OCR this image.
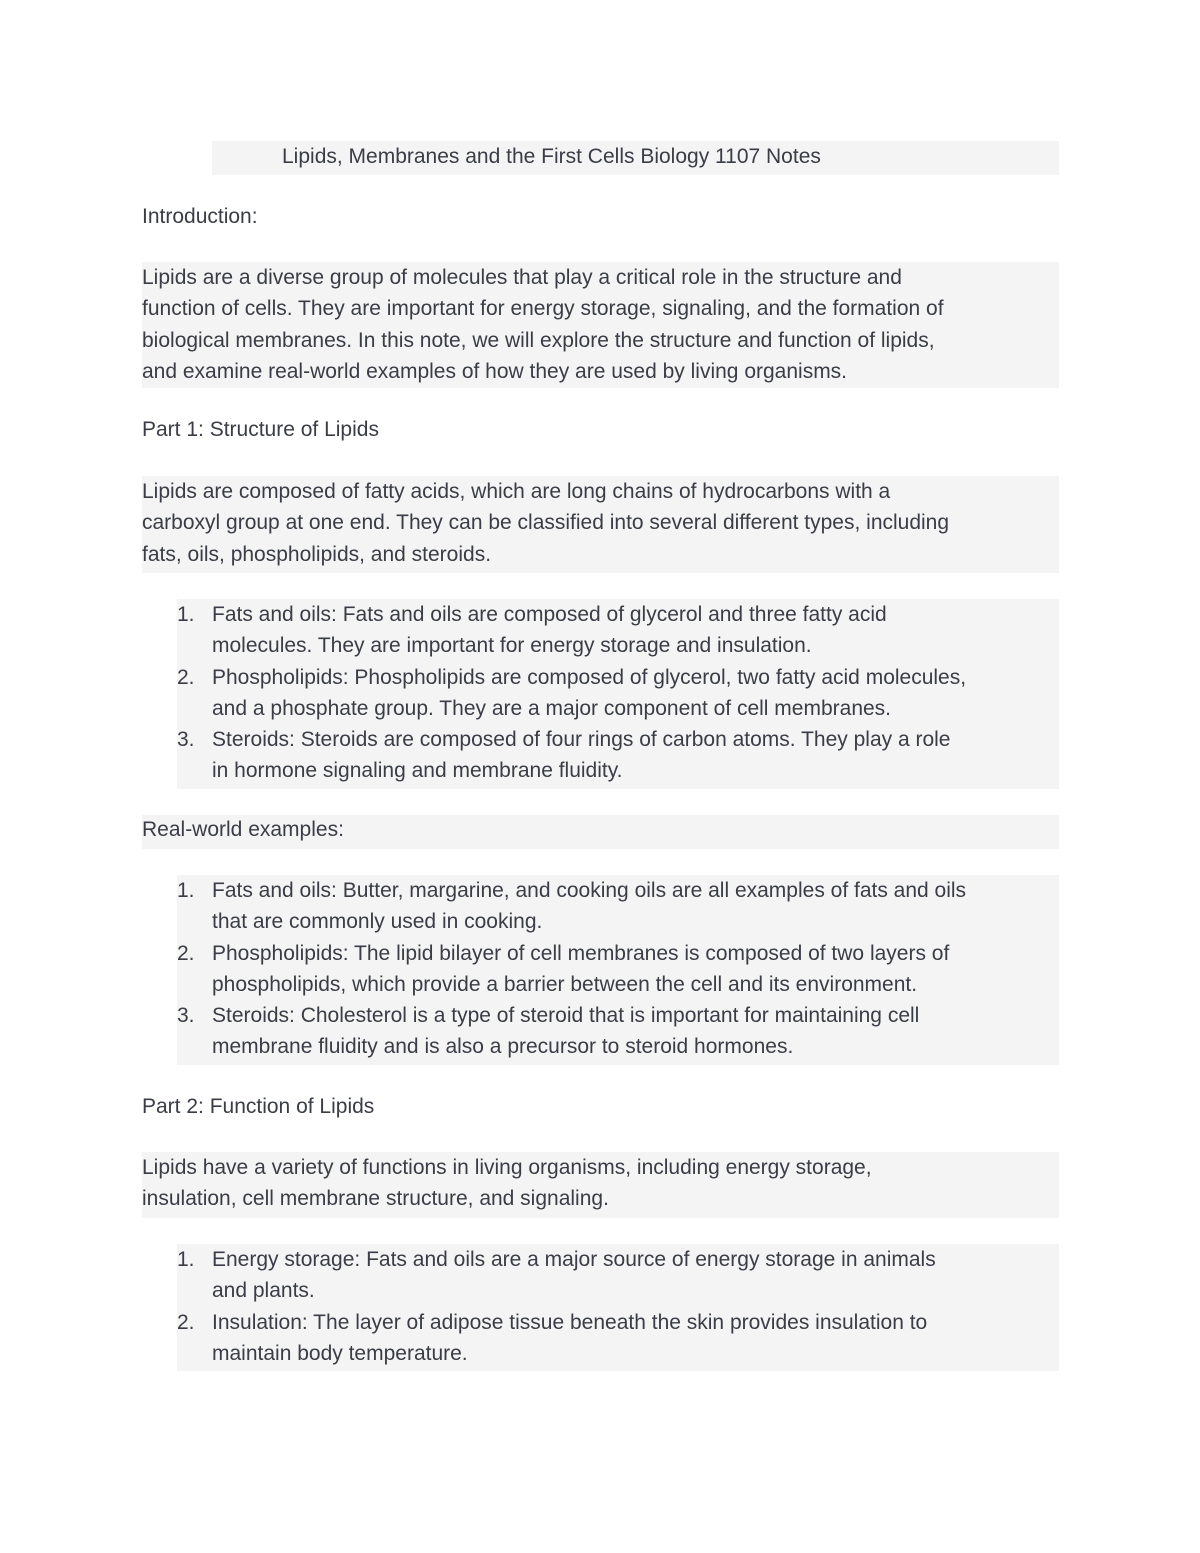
Lipids, Membranes and the First Cells Biology 1107 Notes
Introduction:
Lipids are a diverse group of molecules that play a critical role in the structure and
function of cells. They are important for energy storage, signaling, and the formation of
biological membranes. In this note, we will explore the structure and function of lipids,
and examine real-world examples of how they are used by living organisms.
Part 1: Structure of Lipids
Lipids are composed of fatty acids, which are long chains of hydrocarbons with a
carboxyl group at one end. They can be classified into several different types, including
fats, oils, phospholipids, and steroids.
1. Fats and oils: Fats and oils are composed of glycerol and three fatty acid
molecules. They are important for energy storage and insulation.
2. Phospholipids: Phospholipids are composed of glycerol, two fatty acid molecules,
and a phosphate group. They are a major component of cell membranes.
3. Steroids: Steroids are composed of four rings of carbon atoms. They play a role
in hormone signaling and membrane fluidity.
Real-world examples:
1. Fats and oils: Butter, margarine, and cooking oils are all examples of fats and oils
that are commonly used in cooking.
2. Phospholipids: The lipid bilayer of cell membranes is composed of two layers of
phospholipids, which provide a barrier between the cell and its environment.
3. Steroids: Cholesterol is a type of steroid that is important for maintaining cell
membrane fluidity and is also a precursor to steroid hormones.
Part 2: Function of Lipids
Lipids have a variety of functions in living organisms, including energy storage,
insulation, cell membrane structure, and signaling.
1. Energy storage: Fats and oils are a major source of energy storage in animals
and plants.
2. Insulation: The layer of adipose tissue beneath the skin provides insulation to
maintain body temperature.
